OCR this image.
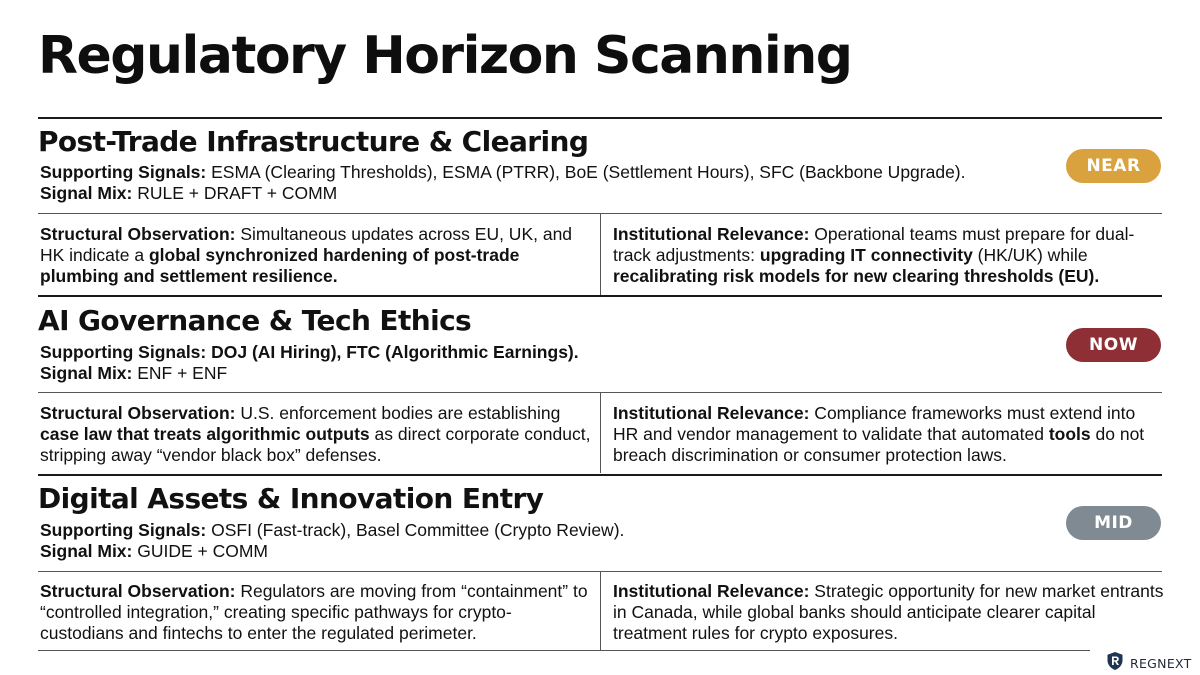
Regulatory Horizon Scanning
Post-Trade Infrastructure & Clearing
Supporting Signals: ESMA (Clearing Thresholds), ESMA (PTRR), BoE (Settlement Hours), SFC (Backbone Upgrade).
Signal Mix: RULE + DRAFT + COMM
NEAR
Structural Observation: Simultaneous updates across EU, UK, and HK indicate a global synchronized hardening of post-trade plumbing and settlement resilience.
Institutional Relevance: Operational teams must prepare for dual-track adjustments: upgrading IT connectivity (HK/UK) while recalibrating risk models for new clearing thresholds (EU).
AI Governance & Tech Ethics
Supporting Signals: DOJ (AI Hiring), FTC (Algorithmic Earnings).
Signal Mix: ENF + ENF
NOW
Structural Observation: U.S. enforcement bodies are establishing case law that treats algorithmic outputs as direct corporate conduct, stripping away “vendor black box” defenses.
Institutional Relevance: Compliance frameworks must extend into HR and vendor management to validate that automated tools do not breach discrimination or consumer protection laws.
Digital Assets & Innovation Entry
Supporting Signals: OSFI (Fast-track), Basel Committee (Crypto Review).
Signal Mix: GUIDE + COMM
MID
Structural Observation: Regulators are moving from “containment” to “controlled integration,” creating specific pathways for crypto-custodians and fintechs to enter the regulated perimeter.
Institutional Relevance: Strategic opportunity for new market entrants in Canada, while global banks should anticipate clearer capital treatment rules for crypto exposures.
REGNEXT
